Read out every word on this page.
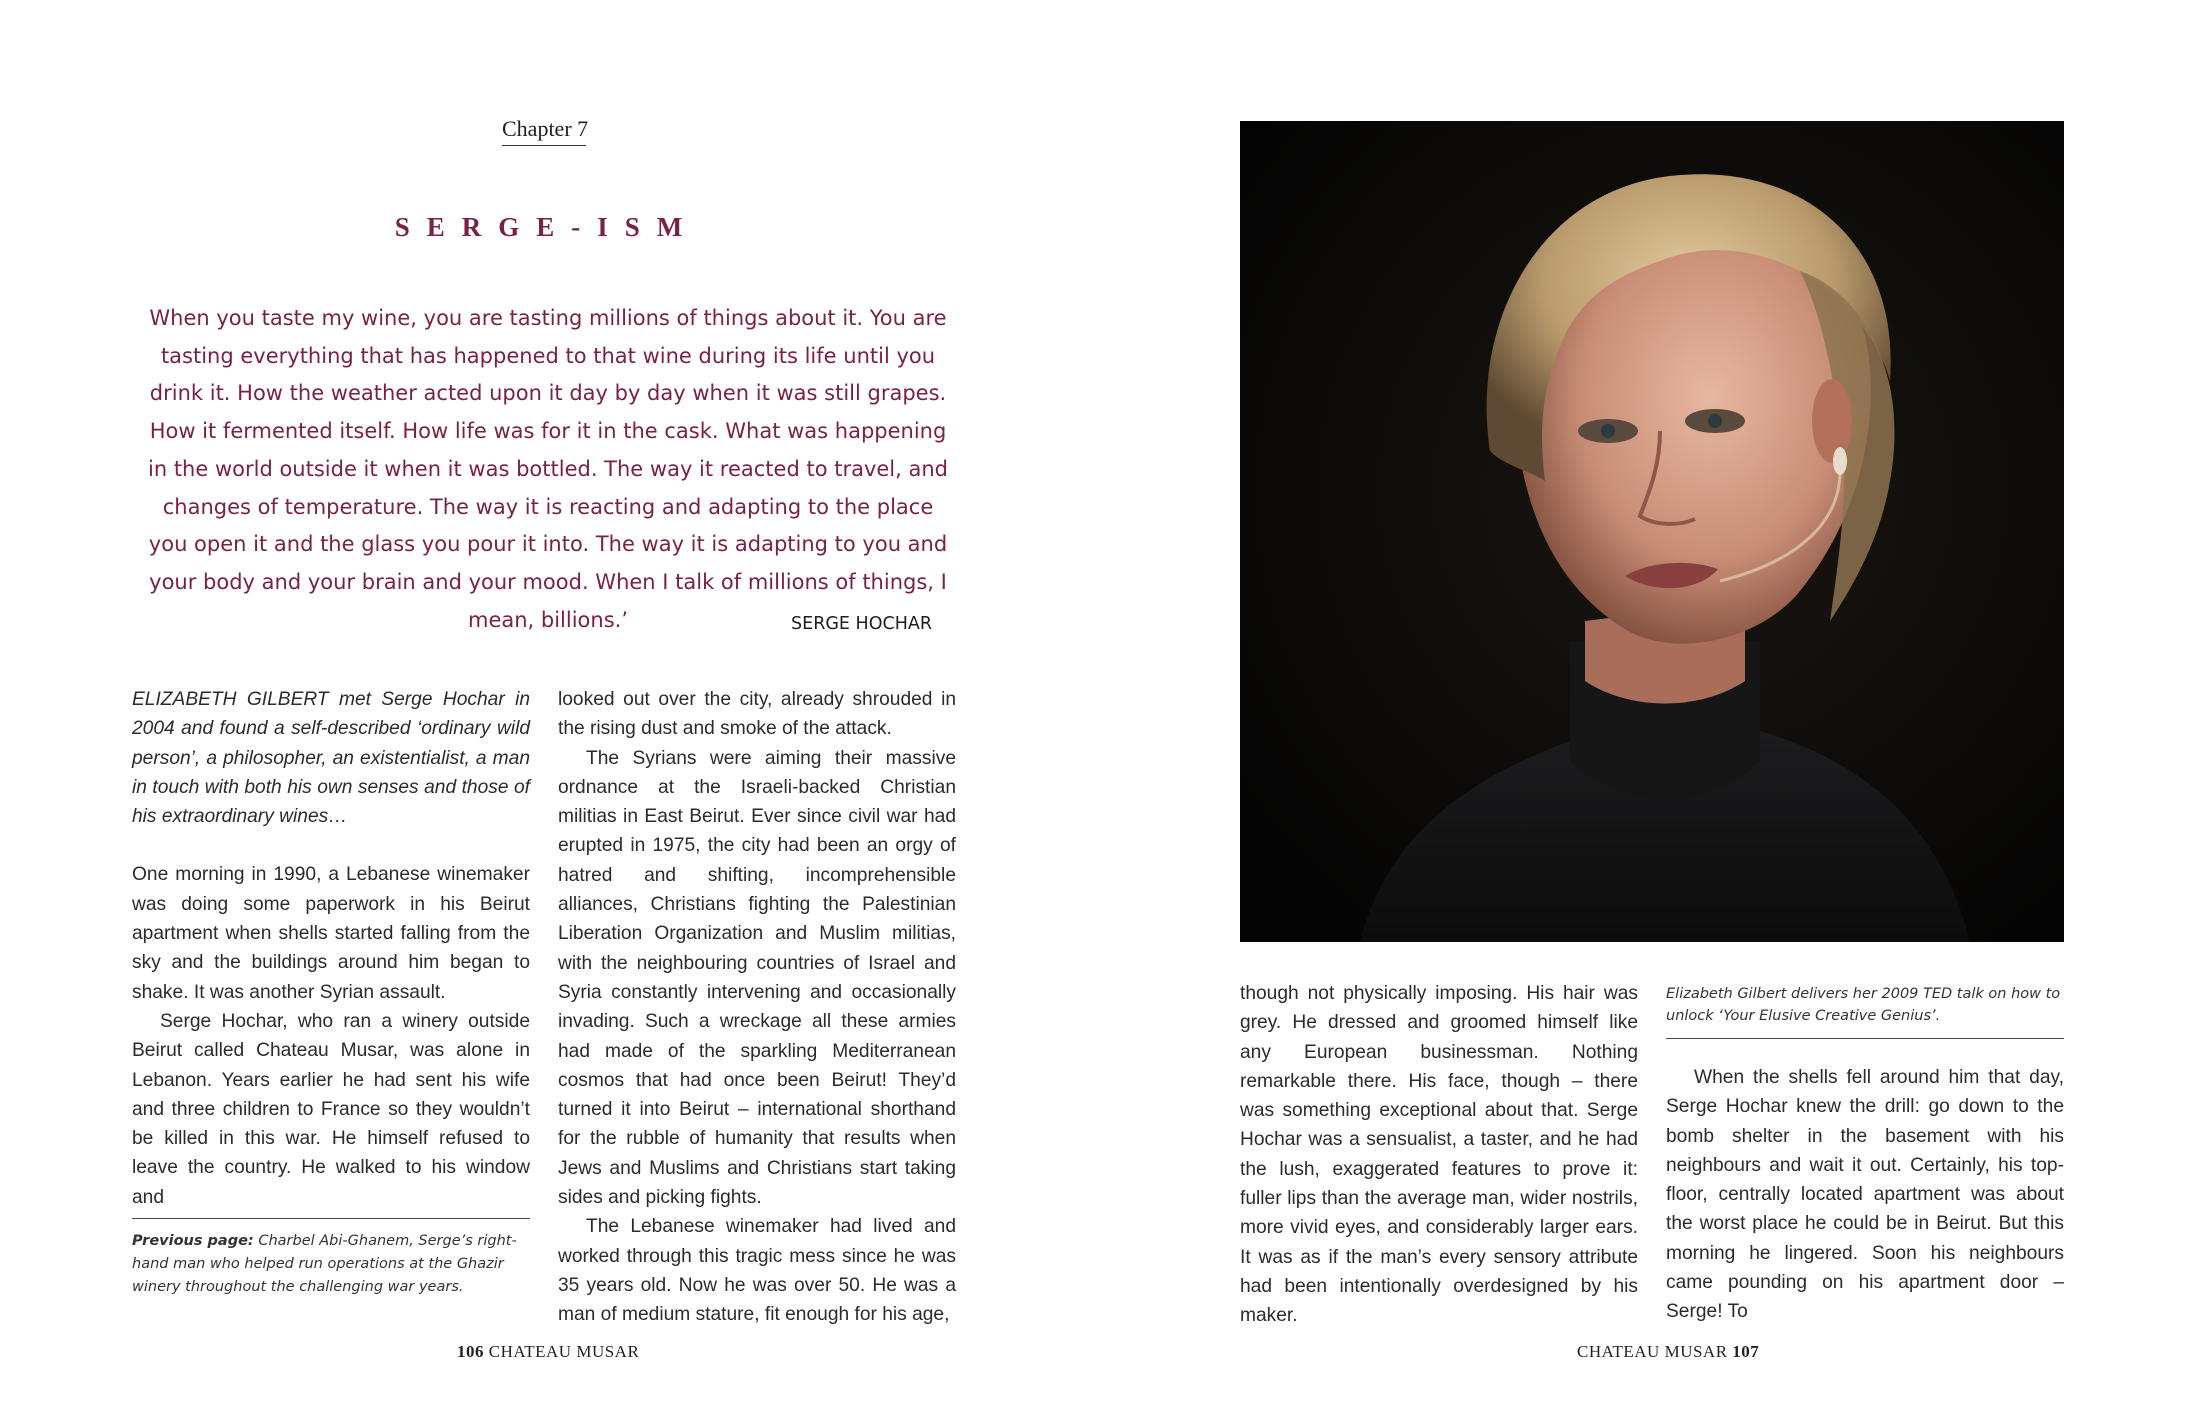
Chapter 7
SERGE-ISM
When you taste my wine, you are tasting millions of things about it. You are tasting everything that has happened to that wine during its life until you drink it. How the weather acted upon it day by day when it was still grapes. How it fermented itself. How life was for it in the cask. What was happening in the world outside it when it was bottled. The way it reacted to travel, and changes of temperature. The way it is reacting and adapting to the place you open it and the glass you pour it into. The way it is adapting to you and your body and your brain and your mood. When I talk of millions of things, I mean, billions.’	SERGE HOCHAR

ELIZABETH GILBERT met Serge Hochar in 2004 and found a self-described ‘ordinary wild person’, a philosopher, an existentialist, a man in touch with both his own senses and those of his extraordinary wines…

One morning in 1990, a Lebanese winemaker was doing some paperwork in his Beirut apartment when shells started falling from the sky and the buildings around him began to shake. It was another Syrian assault.

Serge Hochar, who ran a winery outside Beirut called Chateau Musar, was alone in Lebanon. Years earlier he had sent his wife and three children to France so they wouldn’t be killed in this war. He himself refused to leave the country. He walked to his window and

looked out over the city, already shrouded in the rising dust and smoke of the attack.

The Syrians were aiming their massive ordnance at the Israeli-backed Christian militias in East Beirut. Ever since civil war had erupted in 1975, the city had been an orgy of hatred and shifting, incomprehensible alliances, Christians fighting the Palestinian Liberation Organization and Muslim militias, with the neighbouring countries of Israel and Syria constantly intervening and occasionally invading. Such a wreckage all these armies had made of the sparkling Mediterranean cosmos that had once been Beirut! They’d turned it into Beirut – international shorthand for the rubble of humanity that results when Jews and Muslims and Christians start taking sides and picking fights.

The Lebanese winemaker had lived and worked through this tragic mess since he was 35 years old. Now he was over 50. He was a man of medium stature, fit enough for his age,

Previous page: Charbel Abi-Ghanem, Serge’s right-hand man who helped run operations at the Ghazir winery throughout the challenging war years.
106 CHATEAU MUSAR

though not physically imposing. His hair was grey. He dressed and groomed himself like any European businessman. Nothing remarkable there. His face, though – there was something exceptional about that. Serge Hochar was a sensualist, a taster, and he had the lush, exaggerated features to prove it: fuller lips than the average man, wider nostrils, more vivid eyes, and considerably larger ears. It was as if the man’s every sensory attribute had been intentionally overdesigned by his maker.

Elizabeth Gilbert delivers her 2009 TED talk on how to unlock ‘Your Elusive Creative Genius’.

When the shells fell around him that day, Serge Hochar knew the drill: go down to the bomb shelter in the basement with his neighbours and wait it out. Certainly, his top-floor, centrally located apartment was about the worst place he could be in Beirut. But this morning he lingered. Soon his neighbours came pounding on his apartment door – Serge! To

CHATEAU MUSAR 107
